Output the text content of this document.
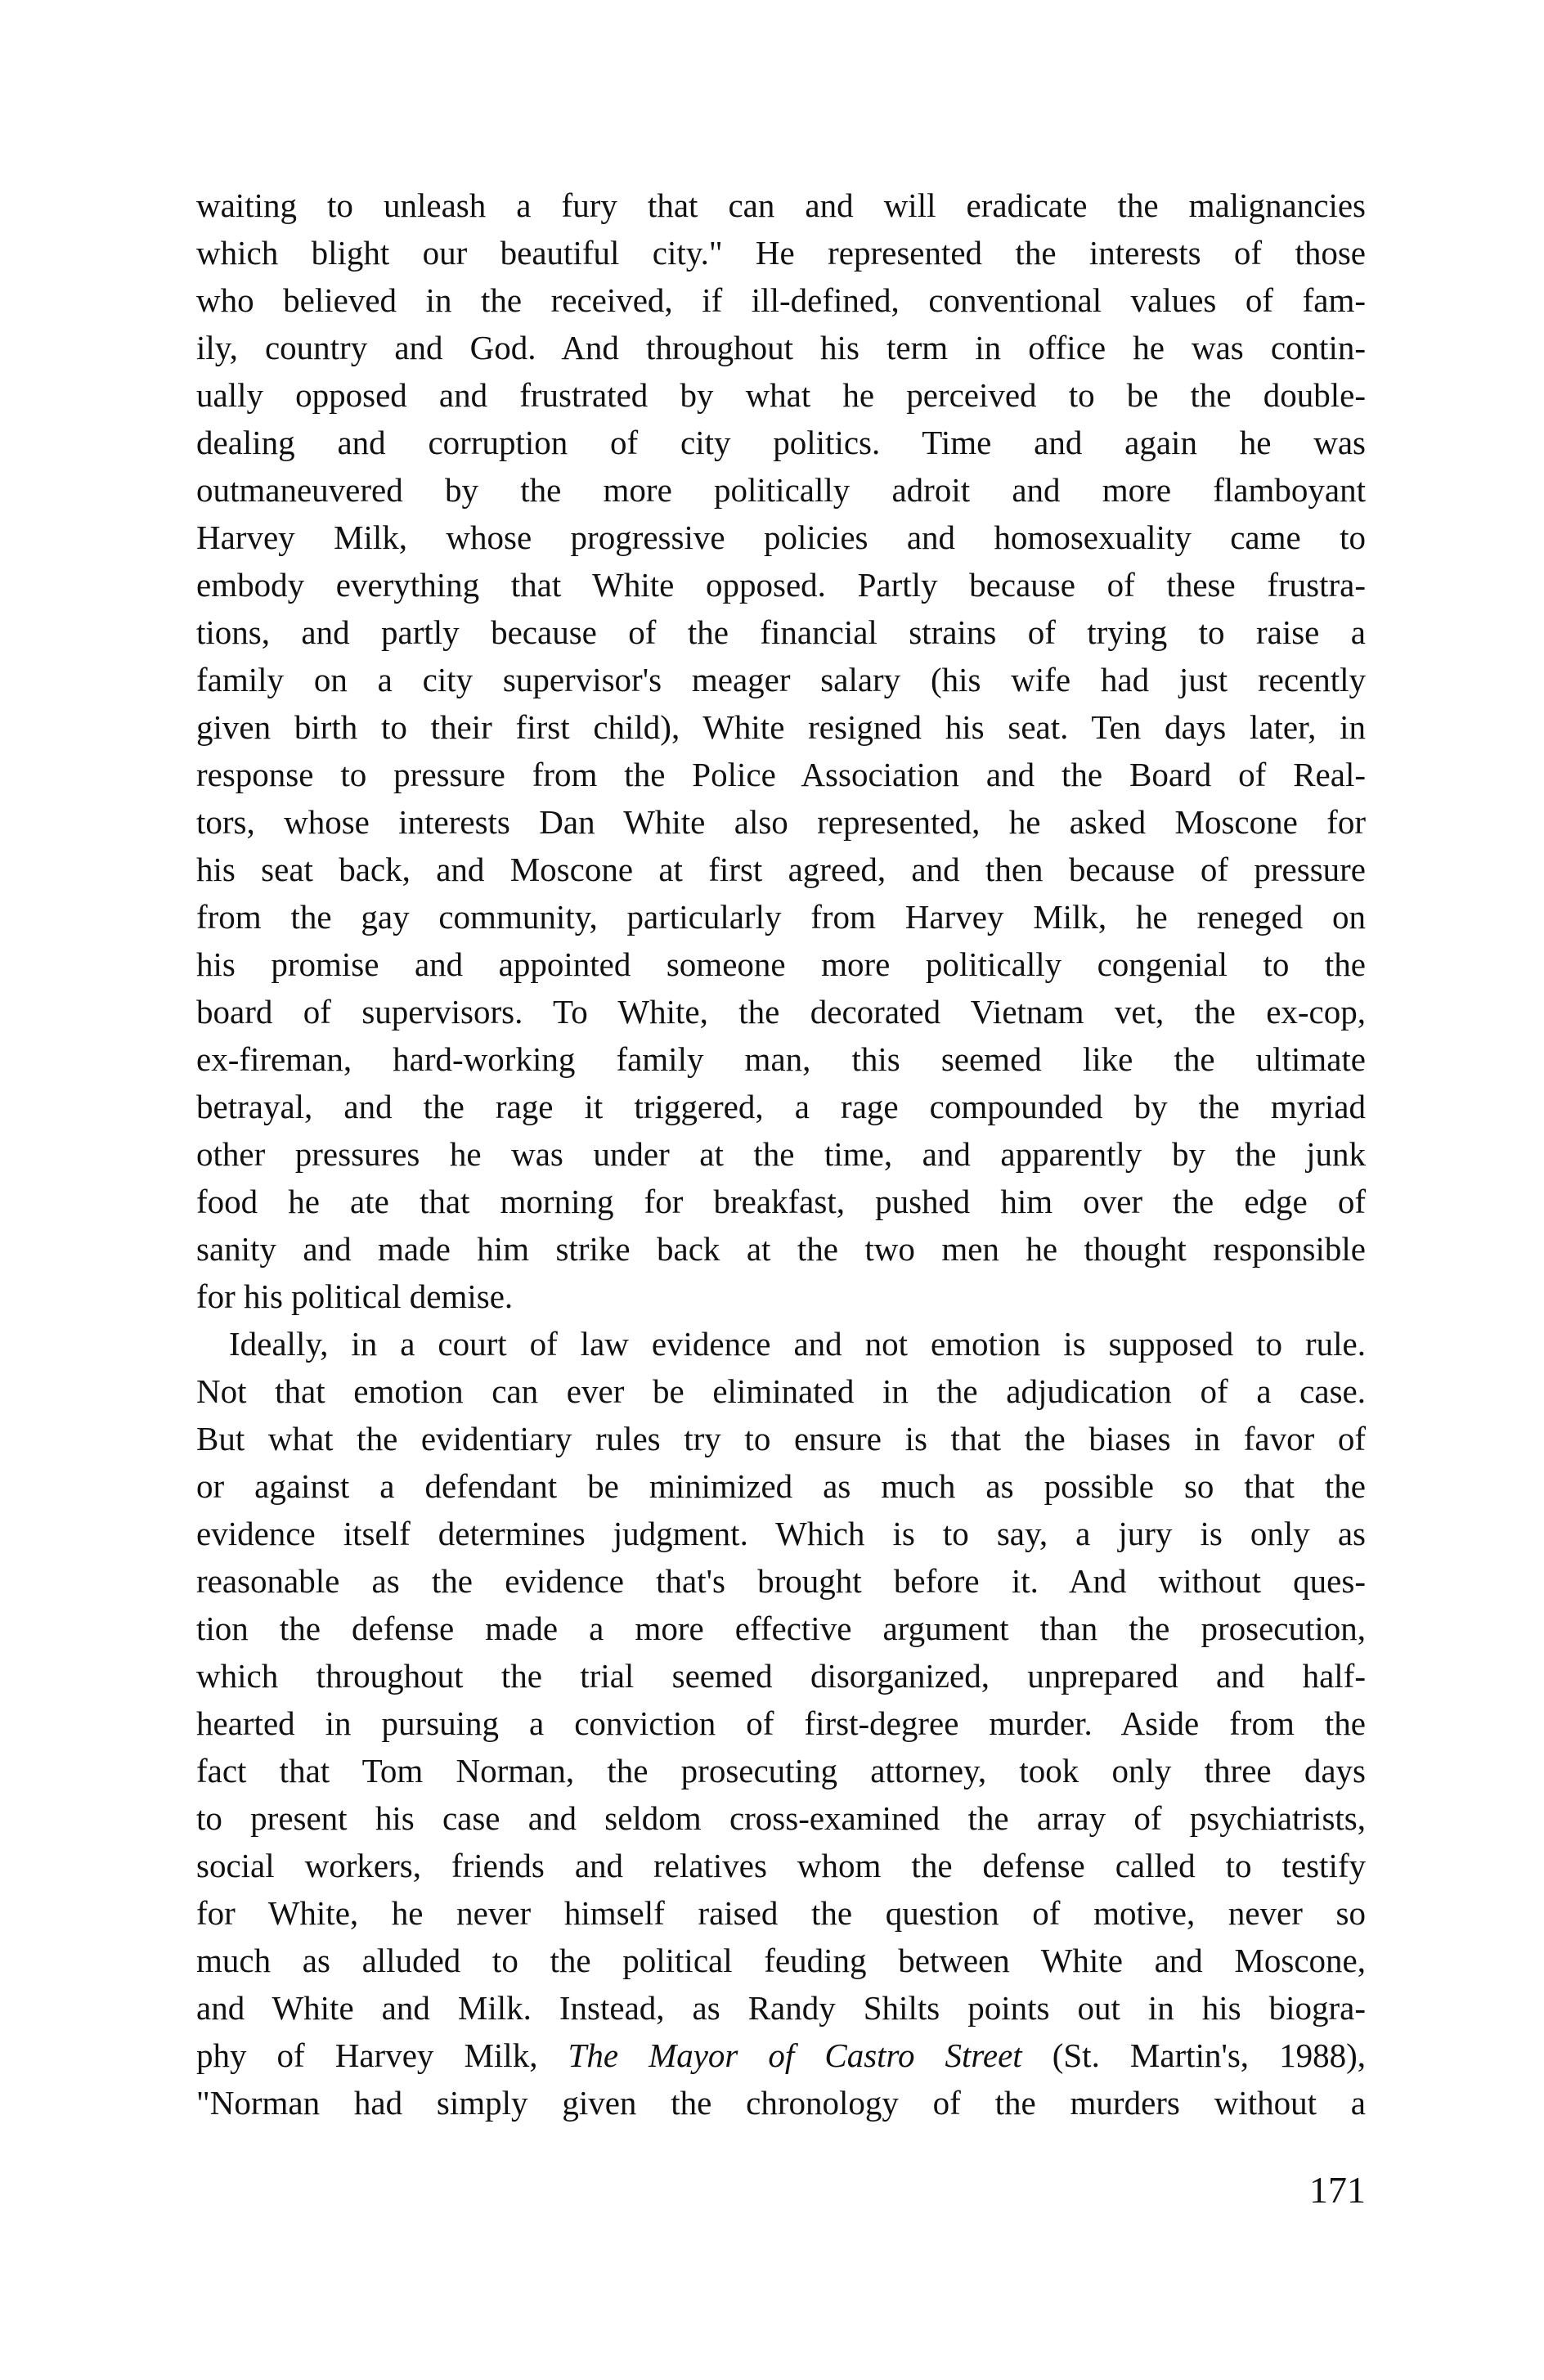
waiting to unleash a fury that can and will eradicate the malignancies
which blight our beautiful city." He represented the interests of those
who believed in the received, if ill-defined, conventional values of fam-
ily, country and God. And throughout his term in office he was contin-
ually opposed and frustrated by what he perceived to be the double-
dealing and corruption of city politics. Time and again he was
outmaneuvered by the more politically adroit and more flamboyant
Harvey Milk, whose progressive policies and homosexuality came to
embody everything that White opposed. Partly because of these frustra-
tions, and partly because of the financial strains of trying to raise a
family on a city supervisor's meager salary (his wife had just recently
given birth to their first child), White resigned his seat. Ten days later, in
response to pressure from the Police Association and the Board of Real-
tors, whose interests Dan White also represented, he asked Moscone for
his seat back, and Moscone at first agreed, and then because of pressure
from the gay community, particularly from Harvey Milk, he reneged on
his promise and appointed someone more politically congenial to the
board of supervisors. To White, the decorated Vietnam vet, the ex-cop,
ex-fireman, hard-working family man, this seemed like the ultimate
betrayal, and the rage it triggered, a rage compounded by the myriad
other pressures he was under at the time, and apparently by the junk
food he ate that morning for breakfast, pushed him over the edge of
sanity and made him strike back at the two men he thought responsible
for his political demise.
Ideally, in a court of law evidence and not emotion is supposed to rule.
Not that emotion can ever be eliminated in the adjudication of a case.
But what the evidentiary rules try to ensure is that the biases in favor of
or against a defendant be minimized as much as possible so that the
evidence itself determines judgment. Which is to say, a jury is only as
reasonable as the evidence that's brought before it. And without ques-
tion the defense made a more effective argument than the prosecution,
which throughout the trial seemed disorganized, unprepared and half-
hearted in pursuing a conviction of first-degree murder. Aside from the
fact that Tom Norman, the prosecuting attorney, took only three days
to present his case and seldom cross-examined the array of psychiatrists,
social workers, friends and relatives whom the defense called to testify
for White, he never himself raised the question of motive, never so
much as alluded to the political feuding between White and Moscone,
and White and Milk. Instead, as Randy Shilts points out in his biogra-
phy of Harvey Milk, The Mayor of Castro Street (St. Martin's, 1988),
"Norman had simply given the chronology of the murders without a
171
